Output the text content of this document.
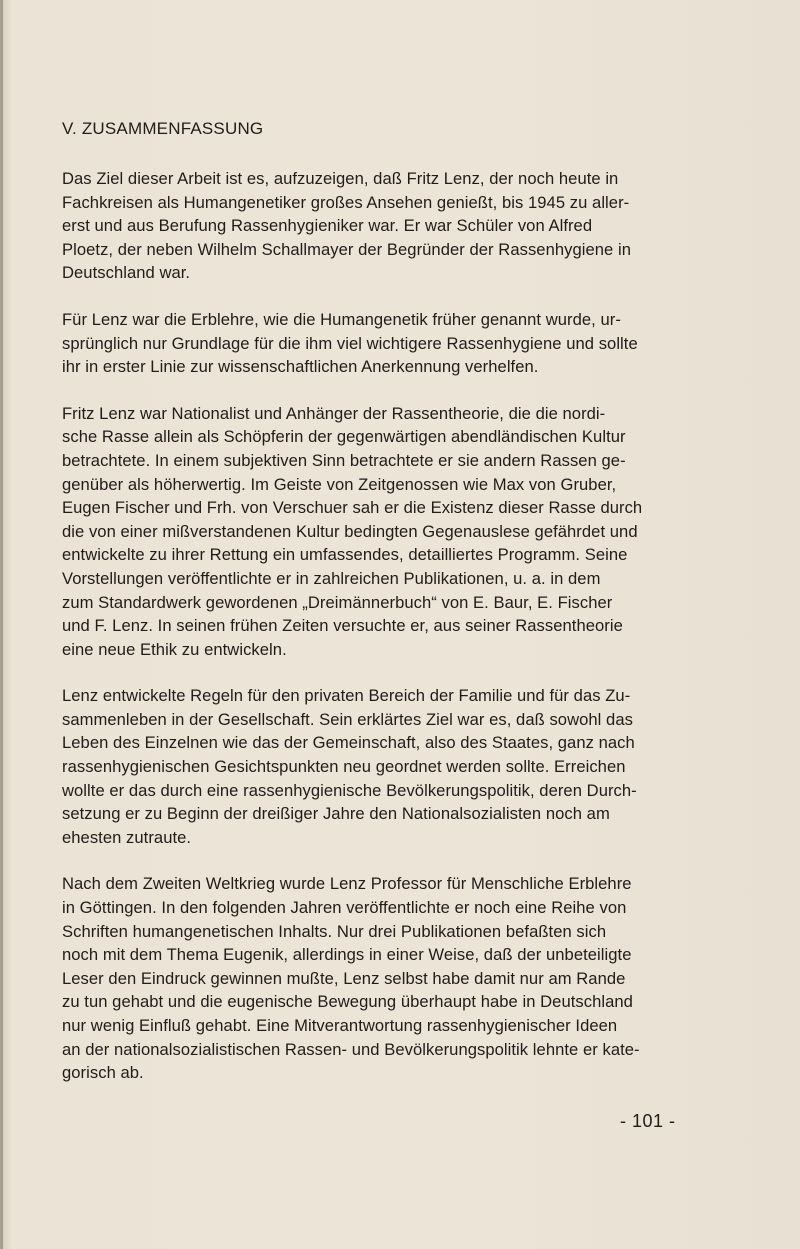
V. ZUSAMMENFASSUNG

Das Ziel dieser Arbeit ist es, aufzuzeigen, daß Fritz Lenz, der noch heute in
Fachkreisen als Humangenetiker großes Ansehen genießt, bis 1945 zu aller-
erst und aus Berufung Rassenhygieniker war. Er war Schüler von Alfred
Ploetz, der neben Wilhelm Schallmayer der Begründer der Rassenhygiene in
Deutschland war.

Für Lenz war die Erblehre, wie die Humangenetik früher genannt wurde, ur-
sprünglich nur Grundlage für die ihm viel wichtigere Rassenhygiene und sollte
ihr in erster Linie zur wissenschaftlichen Anerkennung verhelfen.

Fritz Lenz war Nationalist und Anhänger der Rassentheorie, die die nordi-
sche Rasse allein als Schöpferin der gegenwärtigen abendländischen Kultur
betrachtete. In einem subjektiven Sinn betrachtete er sie andern Rassen ge-
genüber als höherwertig. Im Geiste von Zeitgenossen wie Max von Gruber,
Eugen Fischer und Frh. von Verschuer sah er die Existenz dieser Rasse durch
die von einer mißverstandenen Kultur bedingten Gegenauslese gefährdet und
entwickelte zu ihrer Rettung ein umfassendes, detailliertes Programm. Seine
Vorstellungen veröffentlichte er in zahlreichen Publikationen, u. a. in dem
zum Standardwerk gewordenen „Dreimännerbuch“ von E. Baur, E. Fischer
und F. Lenz. In seinen frühen Zeiten versuchte er, aus seiner Rassentheorie
eine neue Ethik zu entwickeln.

Lenz entwickelte Regeln für den privaten Bereich der Familie und für das Zu-
sammenleben in der Gesellschaft. Sein erklärtes Ziel war es, daß sowohl das
Leben des Einzelnen wie das der Gemeinschaft, also des Staates, ganz nach
rassenhygienischen Gesichtspunkten neu geordnet werden sollte. Erreichen
wollte er das durch eine rassenhygienische Bevölkerungspolitik, deren Durch-
setzung er zu Beginn der dreißiger Jahre den Nationalsozialisten noch am
ehesten zutraute.

Nach dem Zweiten Weltkrieg wurde Lenz Professor für Menschliche Erblehre
in Göttingen. In den folgenden Jahren veröffentlichte er noch eine Reihe von
Schriften humangenetischen Inhalts. Nur drei Publikationen befaßten sich
noch mit dem Thema Eugenik, allerdings in einer Weise, daß der unbeteiligte
Leser den Eindruck gewinnen mußte, Lenz selbst habe damit nur am Rande
zu tun gehabt und die eugenische Bewegung überhaupt habe in Deutschland
nur wenig Einfluß gehabt. Eine Mitverantwortung rassenhygienischer Ideen
an der nationalsozialistischen Rassen- und Bevölkerungspolitik lehnte er kate-
gorisch ab.

- 101 -
